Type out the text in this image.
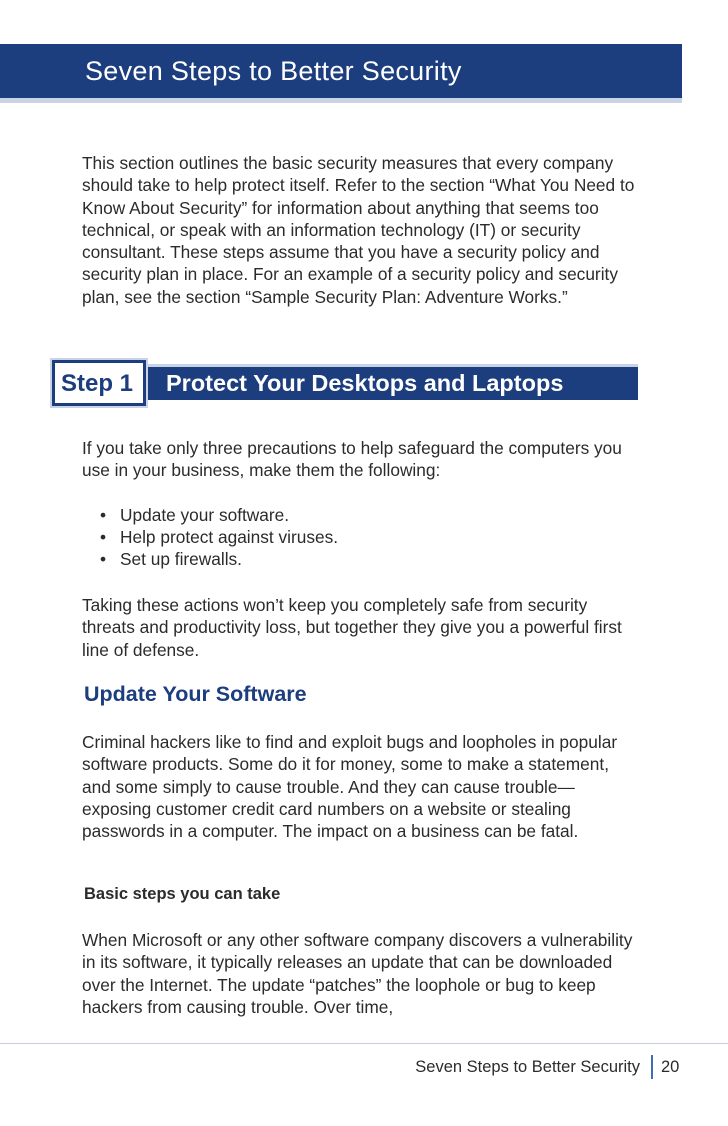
Seven Steps to Better Security

This section outlines the basic security measures that every company should take to help protect itself. Refer to the section “What You Need to Know About Security” for information about anything that seems too technical, or speak with an information technology (IT) or security consultant. These steps assume that you have a security policy and security plan in place. For an example of a security policy and security plan, see the section “Sample Security Plan: Adventure Works.”

Protect Your Desktops and Laptops
Step 1

If you take only three precautions to help safeguard the computers you use in your business, make them the following:

• Update your software.
• Help protect against viruses.
• Set up firewalls.

Taking these actions won’t keep you completely safe from security threats and productivity loss, but together they give you a powerful first line of defense.

Update Your Software

Criminal hackers like to find and exploit bugs and loopholes in popular software products. Some do it for money, some to make a statement, and some simply to cause trouble. And they can cause trouble—exposing customer credit card numbers on a website or stealing passwords in a computer. The impact on a business can be fatal.

Basic steps you can take

When Microsoft or any other software company discovers a vulnerability in its software, it typically releases an update that can be downloaded over the Internet. The update “patches” the loophole or bug to keep hackers from causing trouble. Over time,

Seven Steps to Better Security 20
